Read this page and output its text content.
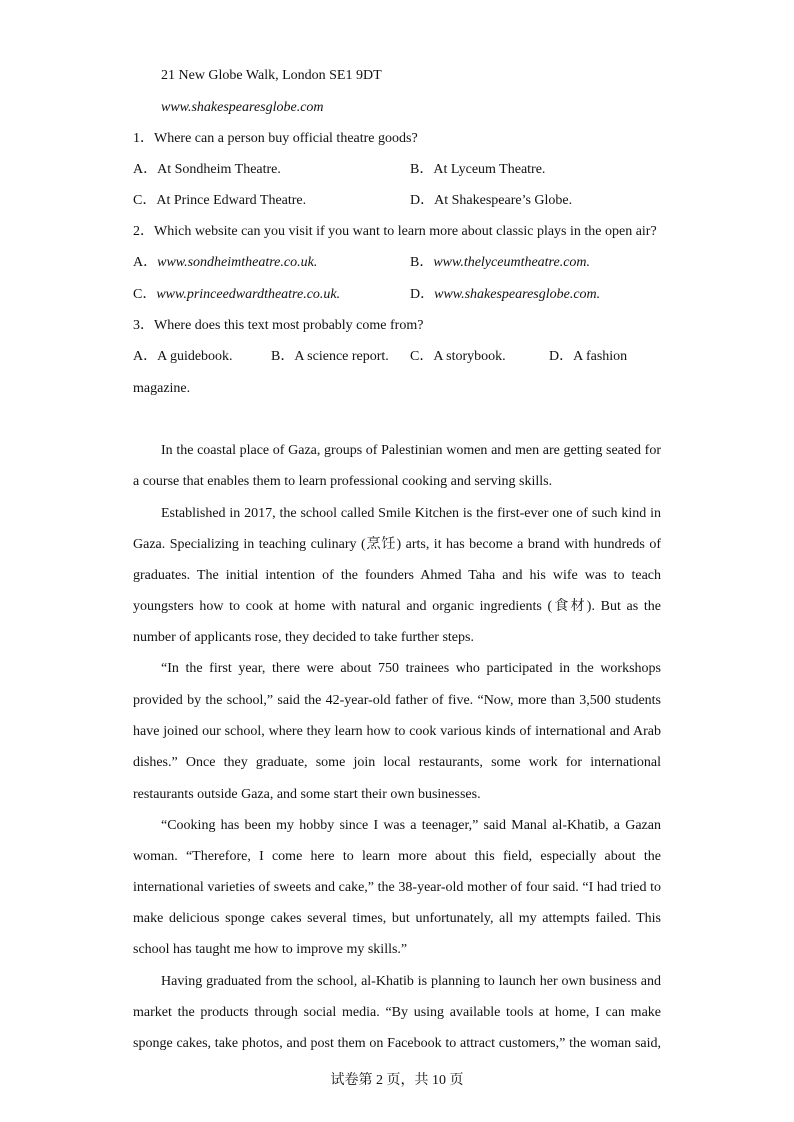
21 New Globe Walk, London SE1 9DT
www.shakespearesglobe.com
1．Where can a person buy official theatre goods?
A．At Sondheim Theatre.	B．At Lyceum Theatre.
C．At Prince Edward Theatre.	D．At Shakespeare’s Globe.
2．Which website can you visit if you want to learn more about classic plays in the open air?
A．www.sondheimtheatre.co.uk.	B．www.thelyceumtheatre.com.
C．www.princeedwardtheatre.co.uk.	D．www.shakespearesglobe.com.
3．Where does this text most probably come from?
A．A guidebook.	B．A science report. C．A storybook.	D．A fashion
magazine.
In the coastal place of Gaza, groups of Palestinian women and men are getting seated for
a course that enables them to learn professional cooking and serving skills.
Established in 2017, the school called Smile Kitchen is the first-ever one of such kind in
Gaza. Specializing in teaching culinary (烹饪) arts, it has become a brand with hundreds of
graduates. The initial intention of the founders Ahmed Taha and his wife was to teach
youngsters how to cook at home with natural and organic ingredients (食材). But as the
number of applicants rose, they decided to take further steps.
“In the first year, there were about 750 trainees who participated in the workshops
provided by the school,” said the 42-year-old father of five. “Now, more than 3,500 students
have joined our school, where they learn how to cook various kinds of international and Arab
dishes.” Once they graduate, some join local restaurants, some work for international
restaurants outside Gaza, and some start their own businesses.
“Cooking has been my hobby since I was a teenager,” said Manal al-Khatib, a Gazan
woman. “Therefore, I come here to learn more about this field, especially about the
international varieties of sweets and cake,” the 38-year-old mother of four said. “I had tried to
make delicious sponge cakes several times, but unfortunately, all my attempts failed. This
school has taught me how to improve my skills.”
Having graduated from the school, al-Khatib is planning to launch her own business and
market the products through social media. “By using available tools at home, I can make
sponge cakes, take photos, and post them on Facebook to attract customers,” the woman said,
试卷第 2 页，共 10 页
